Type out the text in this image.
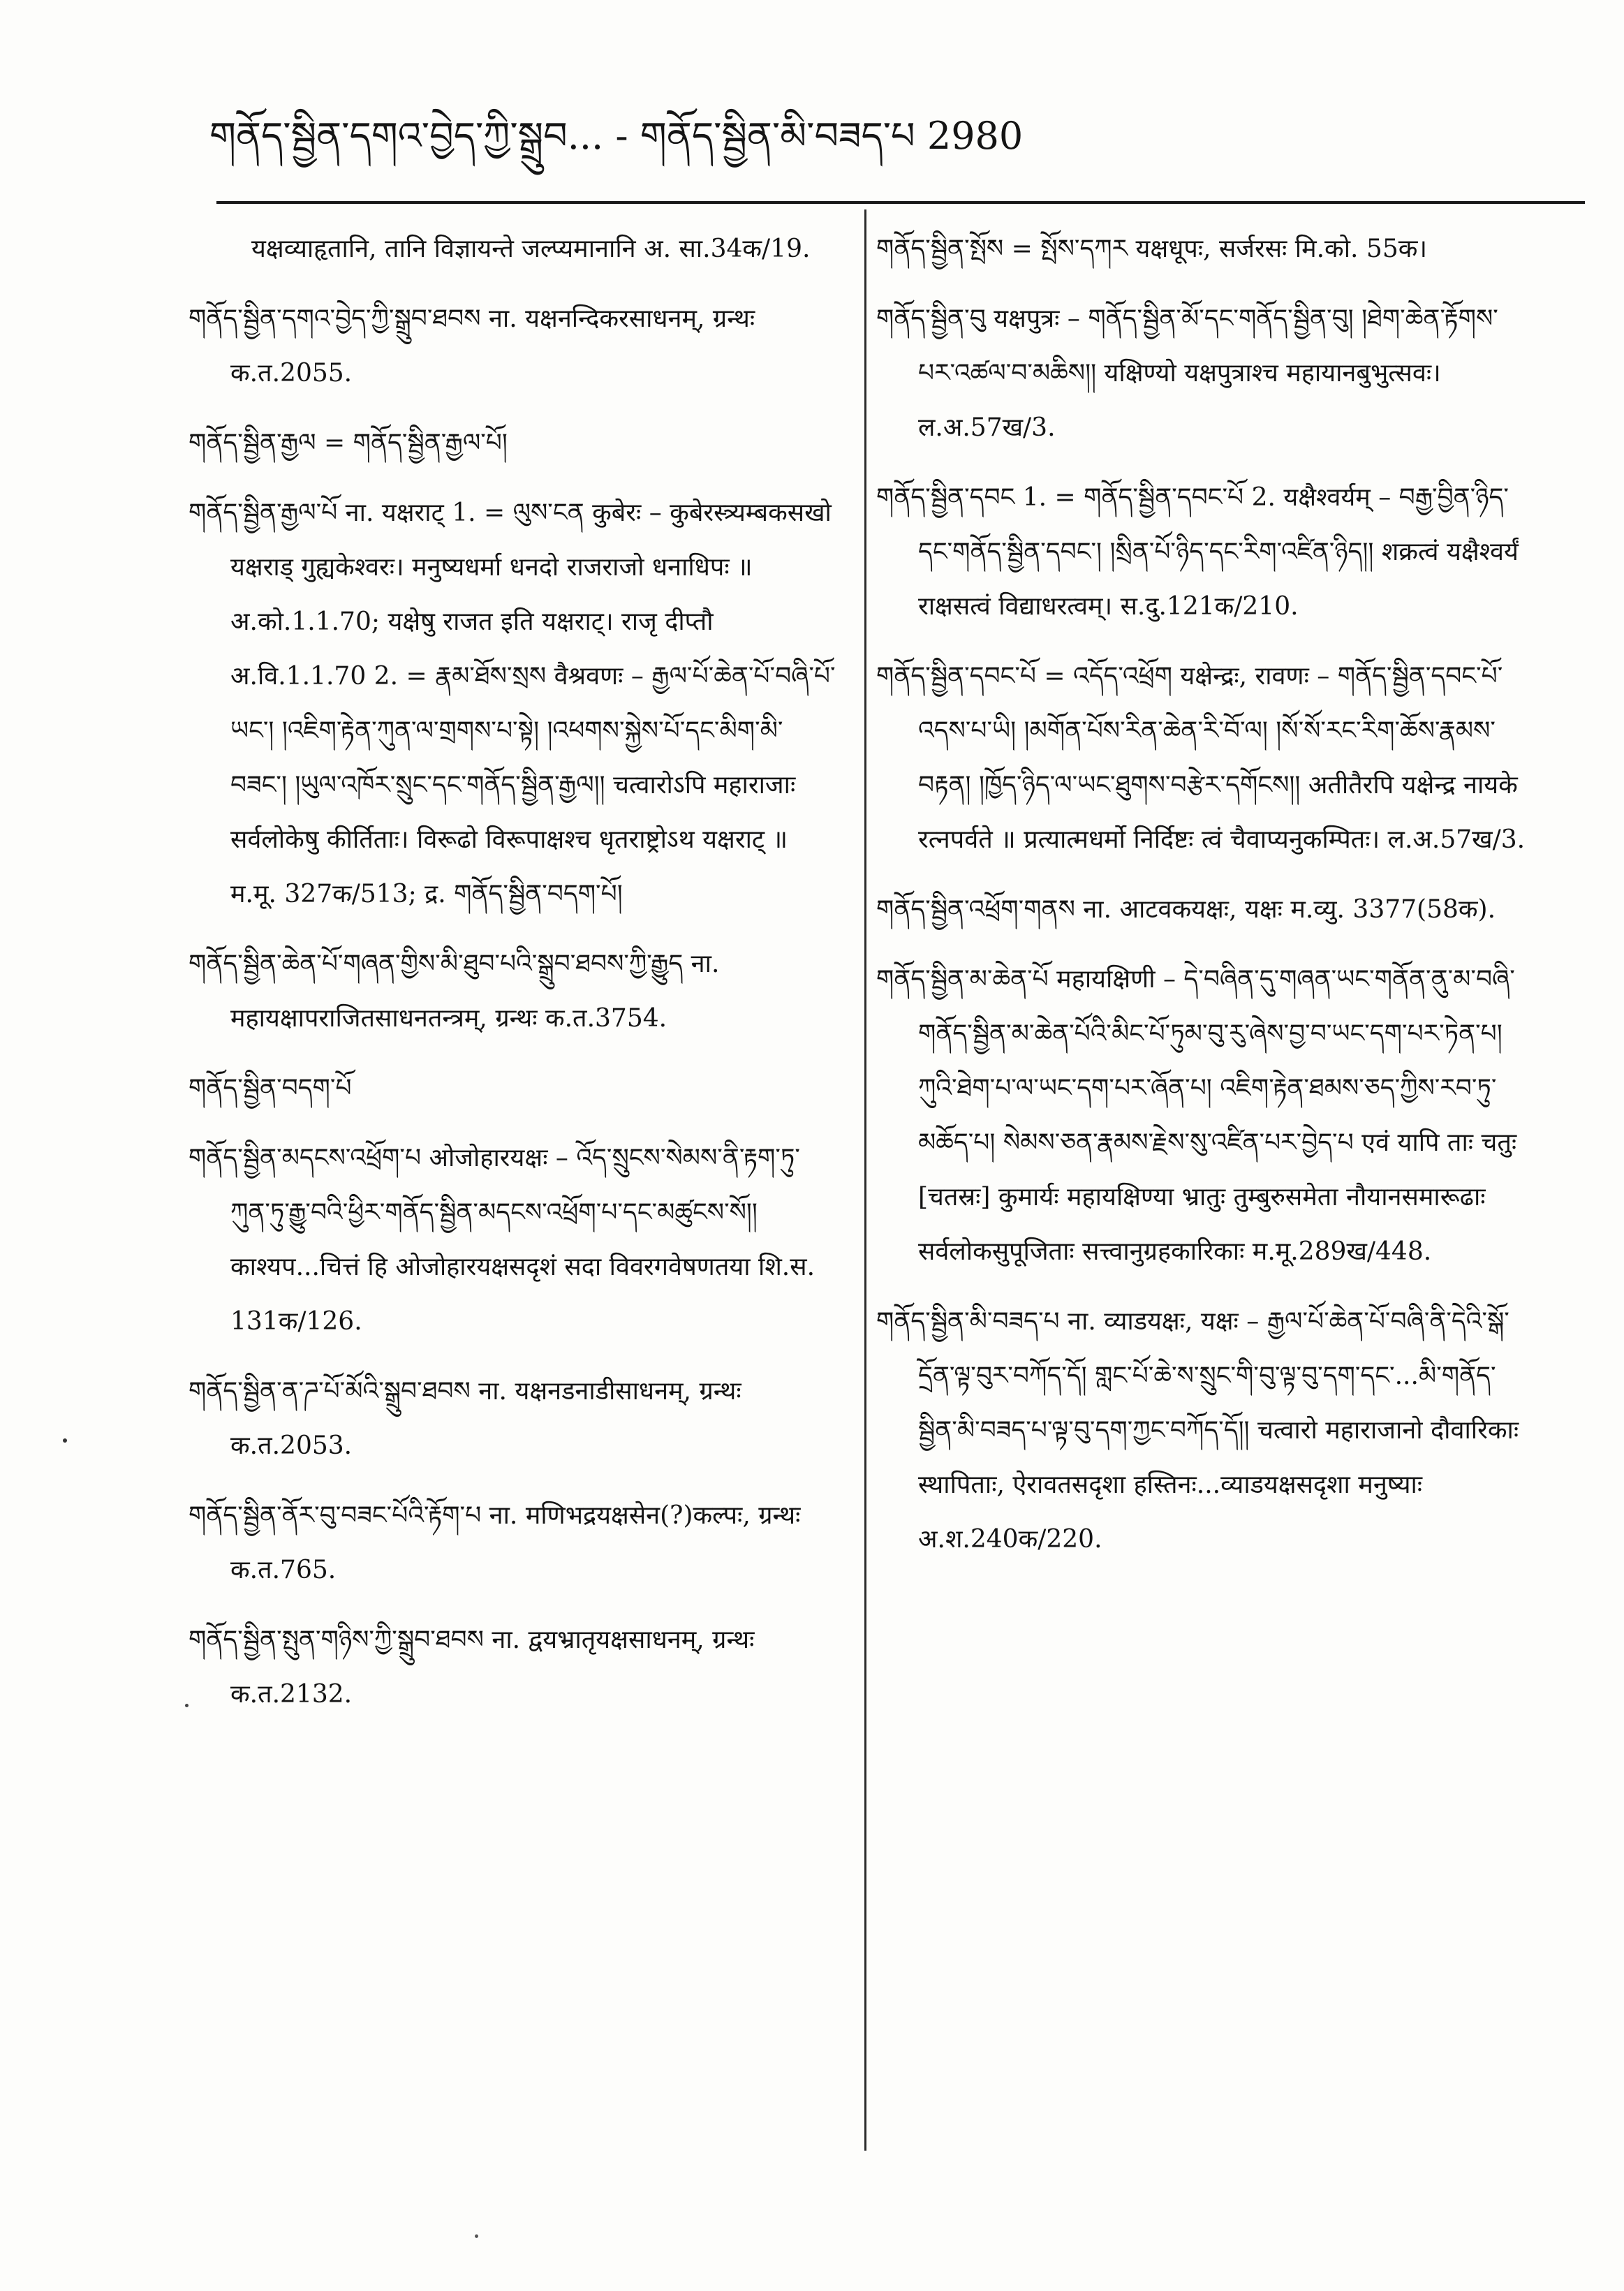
གནོད་སྦྱིན་དགའ་བྱེད་ཀྱི་སྒྲུབ... - གནོད་སྦྱིན་མི་བཟད་པ 2980
यक्षव्याहृतानि, तानि विज्ञायन्ते जल्प्यमानानि अ. सा.34क/19.
གནོད་སྦྱིན་དགའ་བྱེད་ཀྱི་སྒྲུབ་ཐབས ना. यक्षनन्दिकरसाधनम्, ग्रन्थः क.त.2055.
གནོད་སྦྱིན་རྒྱལ = གནོད་སྦྱིན་རྒྱལ་པོ།
གནོད་སྦྱིན་རྒྱལ་པོ ना. यक्षराट् 1. = ལུས་ངན कुबेरः – कुबेरस्त्र्यम्बकसखो यक्षराड् गुह्यकेश्वरः। मनुष्यधर्मा धनदो राजराजो धनाधिपः ॥ अ.को.1.1.70; यक्षेषु राजत इति यक्षराट्। राजृ दीप्तौ अ.वि.1.1.70 2. = རྣམ་ཐོས་སྲས वैश्रवणः – རྒྱལ་པོ་ཆེན་པོ་བཞི་པོ་ཡང་། །འཇིག་རྟེན་ཀུན་ལ་གྲགས་པ་སྟེ། །འཕགས་སྐྱེས་པོ་དང་མིག་མི་བཟང་། །ཡུལ་འཁོར་སྲུང་དང་གནོད་སྦྱིན་རྒྱལ།། चत्वारोऽपि महाराजाः सर्वलोकेषु कीर्तिताः। विरूढो विरूपाक्षश्च धृतराष्ट्रोऽथ यक्षराट् ॥ म.मू. 327क/513; द्र. གནོད་སྦྱིན་བདག་པོ།
གནོད་སྦྱིན་ཆེན་པོ་གཞན་གྱིས་མི་ཐུབ་པའི་སྒྲུབ་ཐབས་ཀྱི་རྒྱུད ना. महायक्षापराजितसाधनतन्त्रम्, ग्रन्थः क.त.3754.
གནོད་སྦྱིན་བདག་པོ
གནོད་སྦྱིན་མདངས་འཕྲོག་པ ओजोहारयक्षः – འོད་སྲུངས་སེམས་ནི་རྟག་ཏུ་ཀུན་ཏུ་རྒྱུ་བའི་ཕྱིར་གནོད་སྦྱིན་མདངས་འཕྲོག་པ་དང་མཚུངས་སོ།། काश्यप...चित्तं हि ओजोहारयक्षसदृशं सदा विवरगवेषणतया शि.स. 131क/126.
གནོད་སྦྱིན་ན་ཌ་པོ་མོའི་སྒྲུབ་ཐབས ना. यक्षनडनाडीसाधनम्, ग्रन्थः क.त.2053.
གནོད་སྦྱིན་ནོར་བུ་བཟང་པོའི་རྟོག་པ ना. मणिभद्रयक्षसेन(?)कल्पः, ग्रन्थः क.त.765.
གནོད་སྦྱིན་སྤུན་གཉིས་ཀྱི་སྒྲུབ་ཐབས ना. द्वयभ्रातृयक्षसाधनम्, ग्रन्थः क.त.2132.
གནོད་སྦྱིན་སྤོས = སྤོས་དཀར यक्षधूपः, सर्जरसः मि.को. 55क।
གནོད་སྦྱིན་བུ यक्षपुत्रः – གནོད་སྦྱིན་མོ་དང་གནོད་སྦྱིན་བུ། །ཐེག་ཆེན་རྟོགས་པར་འཚལ་བ་མཆིས།། यक्षिण्यो यक्षपुत्राश्च महायानबुभुत्सवः। ल.अ.57ख/3.
གནོད་སྦྱིན་དབང 1. = གནོད་སྦྱིན་དབང་པོ 2. यक्षैश्वर्यम् – བརྒྱ་བྱིན་ཉིད་དང་གནོད་སྦྱིན་དབང་། །སྲིན་པོ་ཉིད་དང་རིག་འཛིན་ཉིད།། शक्रत्वं यक्षैश्वर्यं राक्षसत्वं विद्याधरत्वम्। स.दु.121क/210.
གནོད་སྦྱིན་དབང་པོ = འདོད་འཕྲོག यक्षेन्द्रः, रावणः – གནོད་སྦྱིན་དབང་པོ་འདས་པ་ཡི། །མགོན་པོས་རིན་ཆེན་རི་བོ་ལ། །སོ་སོ་རང་རིག་ཆོས་རྣམས་བརྟན། །ཁྱོད་ཉིད་ལ་ཡང་ཐུགས་བརྩེར་དགོངས།། अतीतैरपि यक्षेन्द्र नायके रत्नपर्वते ॥ प्रत्यात्मधर्मो निर्दिष्टः त्वं चैवाप्यनुकम्पितः। ल.अ.57ख/3.
གནོད་སྦྱིན་འཕྲོག་གནས ना. आटवकयक्षः, यक्षः म.व्यु. 3377(58क).
གནོད་སྦྱིན་མ་ཆེན་པོ महायक्षिणी – དེ་བཞིན་དུ་གཞན་ཡང་གནོན་ནུ་མ་བཞི་གནོད་སྦྱིན་མ་ཆེན་པོའི་མིང་པོ་ཏུམ་བུ་རུ་ཞེས་བྱ་བ་ཡང་དག་པར་ཏེན་པ། ཀུའི་ཐེག་པ་ལ་ཡང་དག་པར་ཞོན་པ། འཇིག་རྟེན་ཐམས་ཅད་ཀྱིས་རབ་ཏུ་མཆོད་པ། སེམས་ཅན་རྣམས་རྗེས་སུ་འཛིན་པར་བྱེད་པ एवं यापि ताः चतुः [चतस्रः] कुमार्यः महायक्षिण्या भ्रातुः तुम्बुरुसमेता नौयानसमारूढाः सर्वलोकसुपूजिताः सत्त्वानुग्रहकारिकाः म.मू.289ख/448.
གནོད་སྦྱིན་མི་བཟད་པ ना. व्याडयक्षः, यक्षः – རྒྱལ་པོ་ཆེན་པོ་བཞི་ནི་དེའི་སྒོ་དྲོན་ལྟ་བུར་བཀོད་དོ། གླང་པོ་ཆེ་ས་སྲུང་གི་བུ་ལྟ་བུ་དག་དང་...མི་གནོད་སྦྱིན་མི་བཟད་པ་ལྟ་བུ་དག་ཀྱང་བཀོད་དོ།། चत्वारो महाराजानो दौवारिकाः स्थापिताः, ऐरावतसदृशा हस्तिनः...व्याडयक्षसदृशा मनुष्याः अ.श.240क/220.
